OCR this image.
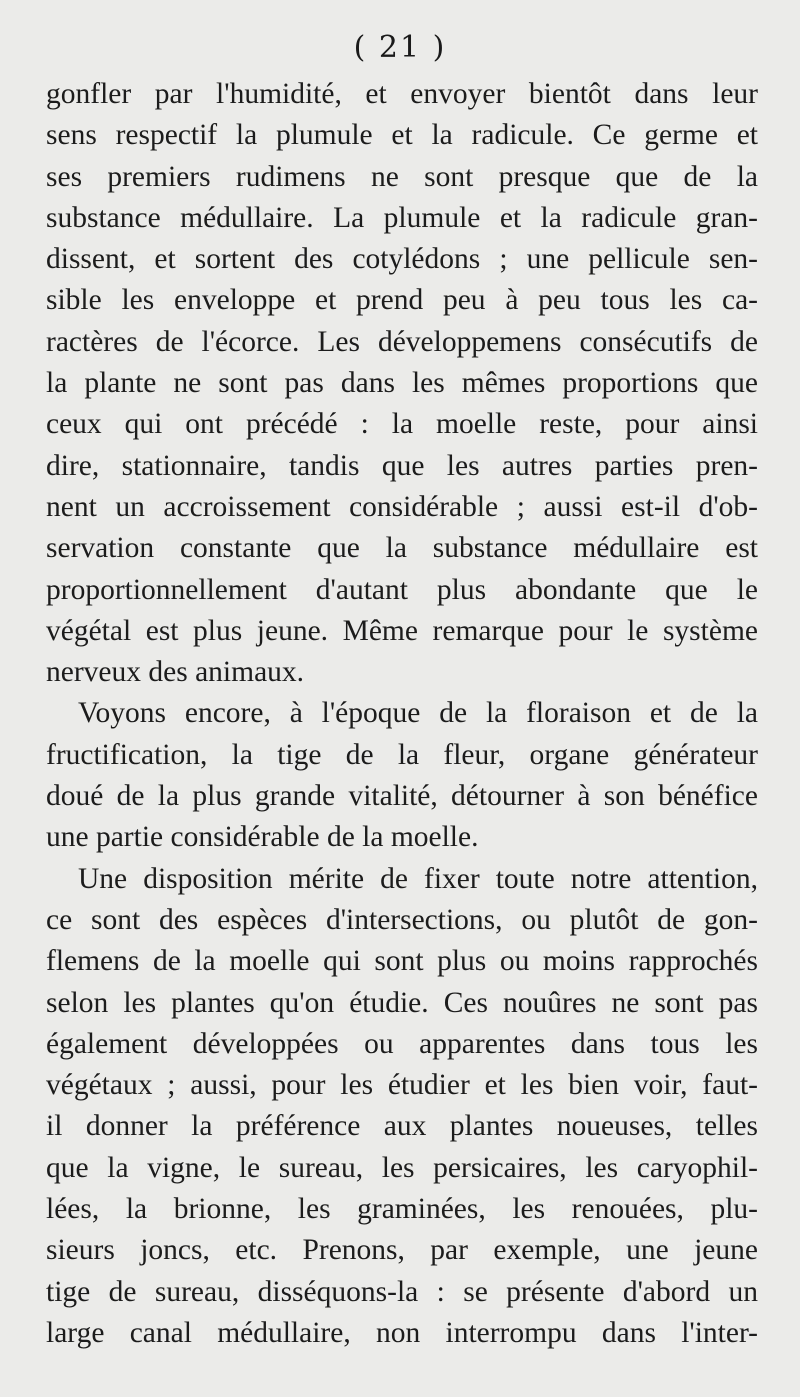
( 21 )
gonfler par l'humidité, et envoyer bientôt dans leur
sens respectif la plumule et la radicule. Ce germe et
ses premiers rudimens ne sont presque que de la
substance médullaire. La plumule et la radicule gran-
dissent, et sortent des cotylédons ; une pellicule sen-
sible les enveloppe et prend peu à peu tous les ca-
ractères de l'écorce. Les développemens consécutifs de
la plante ne sont pas dans les mêmes proportions que
ceux qui ont précédé : la moelle reste, pour ainsi
dire, stationnaire, tandis que les autres parties pren-
nent un accroissement considérable ; aussi est-il d'ob-
servation constante que la substance médullaire est
proportionnellement d'autant plus abondante que le
végétal est plus jeune. Même remarque pour le système
nerveux des animaux.
Voyons encore, à l'époque de la floraison et de la
fructification, la tige de la fleur, organe générateur
doué de la plus grande vitalité, détourner à son bénéfice
une partie considérable de la moelle.
Une disposition mérite de fixer toute notre attention,
ce sont des espèces d'intersections, ou plutôt de gon-
flemens de la moelle qui sont plus ou moins rapprochés
selon les plantes qu'on étudie. Ces nouûres ne sont pas
également développées ou apparentes dans tous les
végétaux ; aussi, pour les étudier et les bien voir, faut-
il donner la préférence aux plantes noueuses, telles
que la vigne, le sureau, les persicaires, les caryophil-
lées, la brionne, les graminées, les renouées, plu-
sieurs joncs, etc. Prenons, par exemple, une jeune
tige de sureau, disséquons-la : se présente d'abord un
large canal médullaire, non interrompu dans l'inter-
